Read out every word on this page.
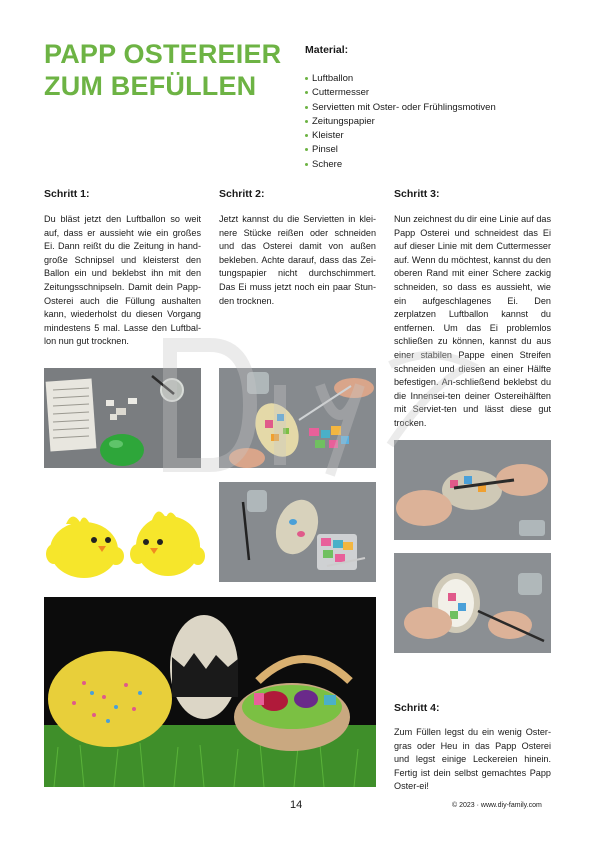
PAPP OSTEREIER ZUM BEFÜLLEN
Material:
Luftballon
Cuttermesser
Servietten mit Oster- oder Frühlingsmotiven
Zeitungspapier
Kleister
Pinsel
Schere
Schritt 1:

Du bläst jetzt den Luftballon so weit auf, dass er aussieht wie ein großes Ei. Dann reißt du die Zeitung in hand-große Schnipsel und kleisterst den Ballon ein und beklebst ihn mit den Zeitungsschnipseln. Damit dein Papp-Osterei auch die Füllung aushalten kann, wiederholst du diesen Vorgang mindestens 5 mal. Lasse den Luftbal-lon nun gut trocknen.

Schritt 2:

Jetzt kannst du die Servietten in klei-nere Stücke reißen oder schneiden und das Osterei damit von außen bekleben. Achte darauf, dass das Zei-tungspapier nicht durchschimmert. Das Ei muss jetzt noch ein paar Stun-den trocknen.

Schritt 3:

Nun zeichnest du dir eine Linie auf das Papp Osterei und schneidest das Ei auf dieser Linie mit dem Cuttermesser auf. Wenn du möchtest, kannst du den oberen Rand mit einer Schere zackig schneiden, so dass es aussieht, wie ein aufgeschlagenes Ei. Den zerplatzen Luftballon kannst du entfernen. Um das Ei problemlos schließen zu können, kannst du aus einer stabilen Pappe einen Streifen schneiden und diesen an einer Hälfte befestigen. An-schließend beklebst du die Innensei-ten deiner Ostereihälften mit Serviet-ten und lässt diese gut trocken.

Schritt 4:

Zum Füllen legst du ein wenig Oster-gras oder Heu in das Papp Osterei und legst einige Leckereien hinein. Fertig ist dein selbst gemachtes Papp Oster-ei!

14	© 2023 · www.diy-family.com
